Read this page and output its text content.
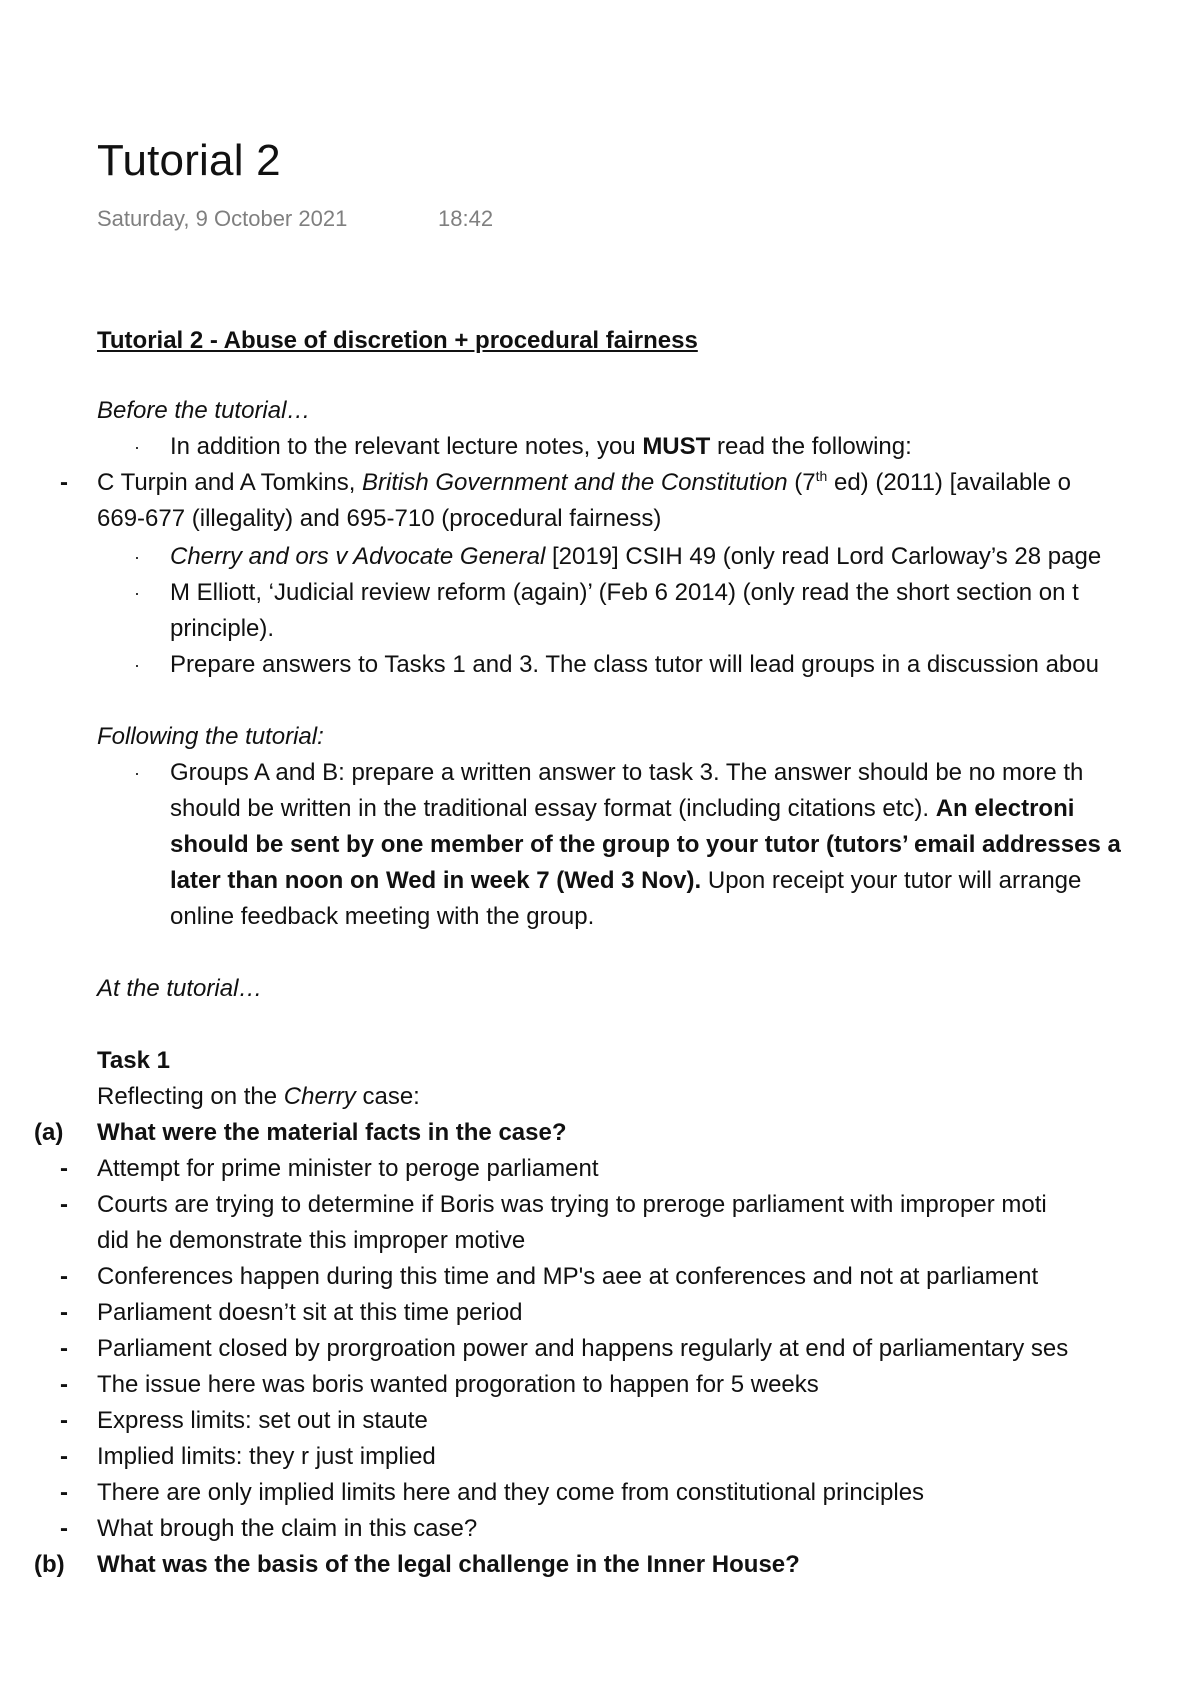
Tutorial 2

Saturday, 9 October 2021	18:42

Tutorial 2 - Abuse of discretion + procedural fairness

Before the tutorial…

· In addition to the relevant lecture notes, you MUST read the following:

- C Turpin and A Tomkins, British Government and the Constitution (7th ed) (2011) [available o

669-677 (illegality) and 695-710 (procedural fairness)

· Cherry and ors v Advocate General [2019] CSIH 49 (only read Lord Carloway’s 28 page

· M Elliott, ‘Judicial review reform (again)’ (Feb 6 2014) (only read the short section on t

principle).

· Prepare answers to Tasks 1 and 3. The class tutor will lead groups in a discussion abou

Following the tutorial:

· Groups A and B: prepare a written answer to task 3. The answer should be no more th

should be written in the traditional essay format (including citations etc). An electroni

should be sent by one member of the group to your tutor (tutors’ email addresses a

later than noon on Wed in week 7 (Wed 3 Nov). Upon receipt your tutor will arrange

online feedback meeting with the group.

At the tutorial…

Task 1

Reflecting on the Cherry case:

(a) What were the material facts in the case?

- Attempt for prime minister to peroge parliament

- Courts are trying to determine if Boris was trying to preroge parliament with improper moti

did he demonstrate this improper motive

- Conferences happen during this time and MP's aee at conferences and not at parliament

- Parliament doesn’t sit at this time period

- Parliament closed by prorgroation power and happens regularly at end of parliamentary ses

- The issue here was boris wanted progoration to happen for 5 weeks

- Express limits: set out in staute

- Implied limits: they r just implied

- There are only implied limits here and they come from constitutional principles

- What brough the claim in this case?

(b) What was the basis of the legal challenge in the Inner House?
